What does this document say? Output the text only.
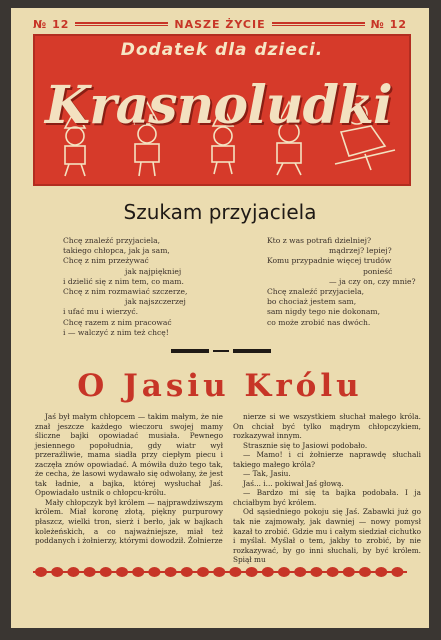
№ 12	NASZE ŻYCIE	№ 12
Dodatek dla dzieci.
Krasnoludki
Szukam przyjaciela
Chcę znaleźć przyjaciela,
takiego chłopca, jak ja sam,
Chcę z nim przeżywać
jak najpiękniej
i dzielić się z nim tem, co mam.
Chcę z nim rozmawiać szczerze,
jak najszczerzej
i ufać mu i wierzyć.
Chcę razem z nim pracować
i — walczyć z nim też chcę!
Kto z was potrafi dzielniej?
mądrzej? lepiej?
Komu przypadnie więcej trudów
ponieść
— ja czy on, czy mnie?
Chcę znaleźć przyjaciela,
bo chociaż jestem sam,
sam nigdy tego nie dokonam,
co może zrobić nas dwóch.
O Jasiu Królu

Jaś był małym chłopcem — takim małym, że nie znał jeszcze każdego wieczoru swojej mamy śliczne bajki opowiadać musiała. Pewnego jesiennego popołudnia, gdy wiatr wył przeraźliwie, mama siadła przy ciepłym piecu i zaczęła znów opowiadać. A mówiła dużo tego tak, że cecha, że lasowi wydawało się odwołany, że jest tak ładnie, a bajka, której wysłuchał Jaś. Opowiadało ustnik o chłopcu-królu.

Mały chłopczyk był królem — najprawdziwszym królem. Miał koronę złotą, piękny purpurowy płaszcz, wielki tron, sierż i berło, jak w bajkach koleżeńskich, a co najważniejsze, miał też poddanych i żołnierzy, którymi dowodził. Żołnierze

nierze si we wszystkiem słuchał małego króla. On chciał być tylko mądrym chłopczykiem, rozkazywał innym.

Strasznie się to Jasiowi podobało.

— Mamo! i ci żołnierze naprawdę słuchali takiego małego króla?

— Tak, Jasiu.

Jaś... i... pokiwał Jaś głową.

— Bardzo mi się ta bajka podobała. I ja chciałbym być królem.

Od sąsiedniego pokoju się Jaś. Zabawki już go tak nie zajmowały, jak dawniej — nowy pomysł kazał to zrobić. Gdzie mu i całym siedział cichutko i myślał. Myślał o tem, jakby to zrobić, by nie rozkazywać, by go inni słuchali, by być królem. Spiął mu
